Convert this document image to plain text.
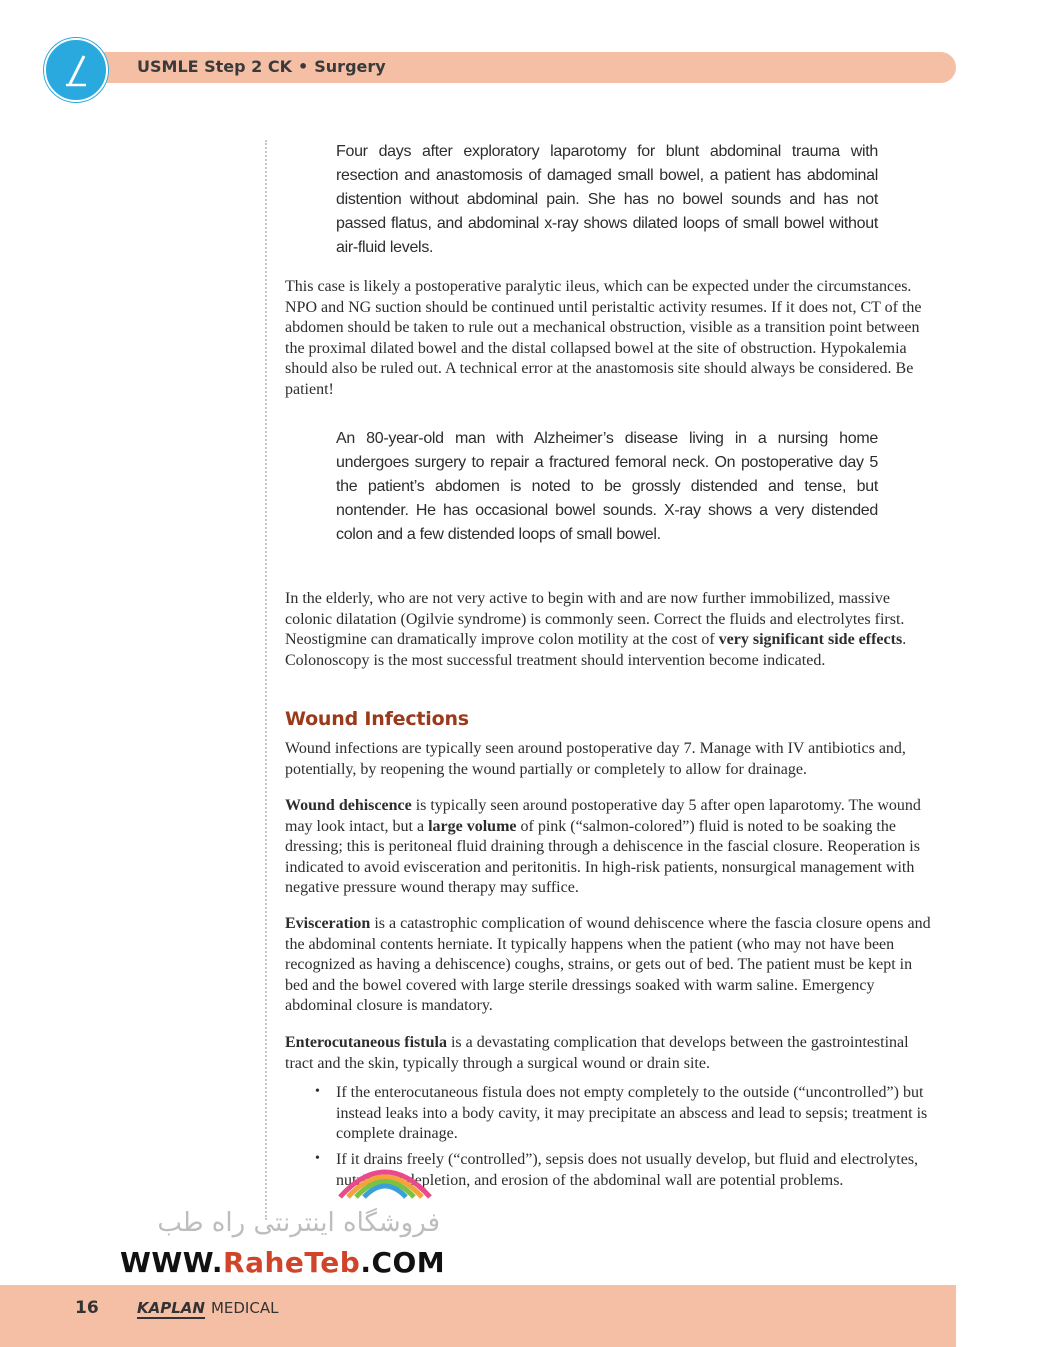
USMLE Step 2 CK • Surgery

Four days after exploratory laparotomy for blunt abdominal trauma with resection and anastomosis of damaged small bowel, a patient has abdominal distention without abdominal pain. She has no bowel sounds and has not passed flatus, and abdominal x-ray shows dilated loops of small bowel without air-fluid levels.

This case is likely a postoperative paralytic ileus, which can be expected under the circumstances. NPO and NG suction should be continued until peristaltic activity resumes. If it does not, CT of the abdomen should be taken to rule out a mechanical obstruction, visible as a transition point between the proximal dilated bowel and the distal collapsed bowel at the site of obstruction. Hypokalemia should also be ruled out. A technical error at the anastomosis site should always be considered. Be patient!

An 80-year-old man with Alzheimer’s disease living in a nursing home undergoes surgery to repair a fractured femoral neck. On postoperative day 5 the patient’s abdomen is noted to be grossly distended and tense, but nontender. He has occasional bowel sounds. X-ray shows a very distended colon and a few distended loops of small bowel.

In the elderly, who are not very active to begin with and are now further immobilized, massive colonic dilatation (Ogilvie syndrome) is commonly seen. Correct the fluids and electrolytes first. Neostigmine can dramatically improve colon motility at the cost of very significant side effects. Colonoscopy is the most successful treatment should intervention become indicated.

Wound Infections

Wound infections are typically seen around postoperative day 7. Manage with IV antibiotics and, potentially, by reopening the wound partially or completely to allow for drainage.

Wound dehiscence is typically seen around postoperative day 5 after open laparotomy. The wound may look intact, but a large volume of pink (“salmon-colored”) fluid is noted to be soaking the dressing; this is peritoneal fluid draining through a dehiscence in the fascial closure. Reoperation is indicated to avoid evisceration and peritonitis. In high-risk patients, nonsurgical management with negative pressure wound therapy may suffice.

Evisceration is a catastrophic complication of wound dehiscence where the fascia closure opens and the abdominal contents herniate. It typically happens when the patient (who may not have been recognized as having a dehiscence) coughs, strains, or gets out of bed. The patient must be kept in bed and the bowel covered with large sterile dressings soaked with warm saline. Emergency abdominal closure is mandatory.

Enterocutaneous fistula is a devastating complication that develops between the gastrointestinal tract and the skin, typically through a surgical wound or drain site.

• If the enterocutaneous fistula does not empty completely to the outside (“uncontrolled”) but instead leaks into a body cavity, it may precipitate an abscess and lead to sepsis; treatment is complete drainage.

• If it drains freely (“controlled”), sepsis does not usually develop, but fluid and electrolytes, nutritional depletion, and erosion of the abdominal wall are potential problems.

فروشگاه اینترنتی راه طب
WWW.RaheTeb.COM
16	KAPLAN MEDICAL
